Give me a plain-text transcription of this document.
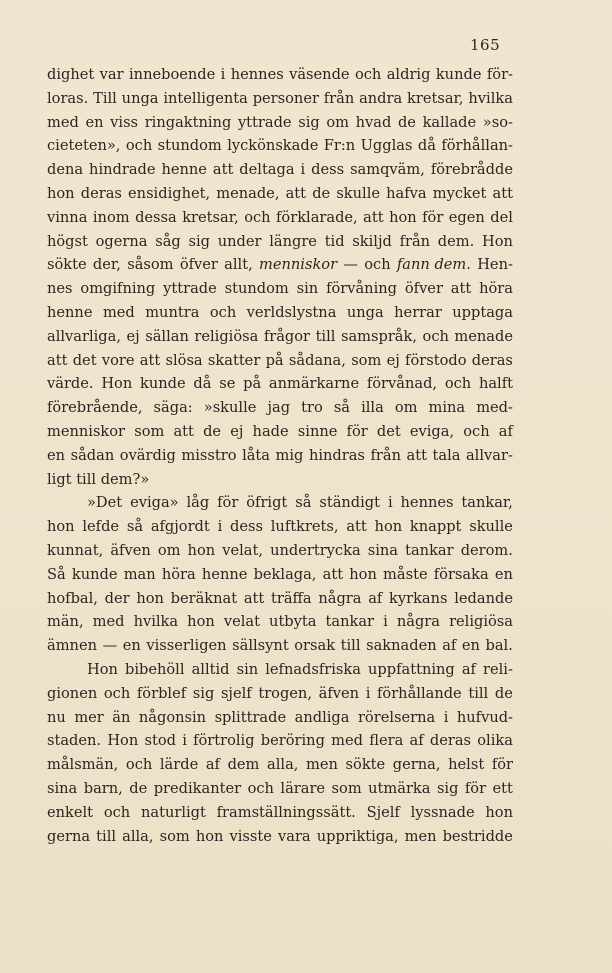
165
dighet var inneboende i hennes väsende och aldrig kunde för-
loras. Till unga intelligenta personer från andra kretsar, hvilka
med en viss ringaktning yttrade sig om hvad de kallade »so-
cieteten», och stundom lyckönskade Fr:n Ugglas då förhållan-
dena hindrade henne att deltaga i dess samqväm, förebrådde
hon deras ensidighet, menade, att de skulle hafva mycket att
vinna inom dessa kretsar, och förklarade, att hon för egen del
högst ogerna såg sig under längre tid skiljd från dem. Hon
sökte der, såsom öfver allt, menniskor — och fann dem. Hen-
nes omgifning yttrade stundom sin förvåning öfver att höra
henne med muntra och verldslystna unga herrar upptaga
allvarliga, ej sällan religiösa frågor till samspråk, och menade
att det vore att slösa skatter på sådana, som ej förstodo deras
värde. Hon kunde då se på anmärkarne förvånad, och halft
förebrående, säga: »skulle jag tro så illa om mina med-
menniskor som att de ej hade sinne för det eviga, och af
en sådan ovärdig misstro låta mig hindras från att tala allvar-
ligt
till
dem?»
»Det eviga» låg för öfrigt så ständigt i hennes tankar,
hon lefde så afgjordt i dess luftkrets, att hon knappt skulle
kunnat, äfven om hon velat, undertrycka sina tankar derom.
Så kunde man höra henne beklaga, att hon måste försaka en
hofbal, der hon beräknat att träffa några af kyrkans ledande
män, med hvilka hon velat utbyta tankar i några religiösa
ämnen — en visserligen sällsynt orsak till saknaden af en bal.
Hon bibehöll alltid sin lefnadsfriska uppfattning af reli-
gionen och förblef sig sjelf trogen, äfven i förhållande till de
nu mer än någonsin splittrade andliga rörelserna i hufvud-
staden. Hon stod i förtrolig beröring med flera af deras olika
målsmän, och lärde af dem alla, men sökte gerna, helst för
sina barn, de predikanter och lärare som utmärka sig för ett
enkelt och naturligt framställningssätt. Sjelf lyssnade hon
gerna till alla, som hon visste vara uppriktiga, men bestridde
